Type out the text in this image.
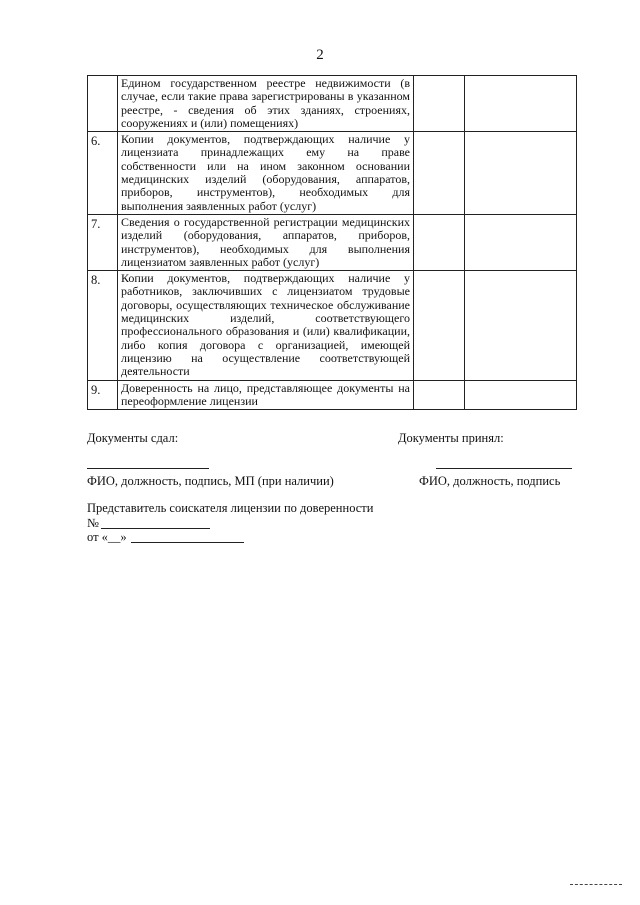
2
	Едином государственном реестре недвижимости (в случае, если такие права зарегистрированы в указанном реестре, - сведения об этих зданиях, строениях, сооружениях и (или) помещениях)		
6.	Копии документов, подтверждающих наличие у лицензиата принадлежащих ему на праве собственности или на ином законном основании медицинских изделий (оборудования, аппаратов, приборов, инструментов), необходимых для выполнения заявленных работ (услуг)		
7.	Сведения о государственной регистрации медицинских изделий (оборудования, аппаратов, приборов, инструментов), необходимых для выполнения лицензиатом заявленных работ (услуг)		
8.	Копии документов, подтверждающих наличие у работников, заключивших с лицензиатом трудовые договоры, осуществляющих техническое обслуживание медицинских изделий, соответствующего профессионального образования и (или) квалификации, либо копия договора с организацией, имеющей лицензию на осуществление соответствующей деятельности		
9.	Доверенность на лицо, представляющее документы на переоформление лицензии		
Документы сдал:	Документы принял:
ФИО, должность, подпись, МП (при наличии)	ФИО, должность, подпись
Представитель соискателя лицензии по доверенности
№
от «__»
